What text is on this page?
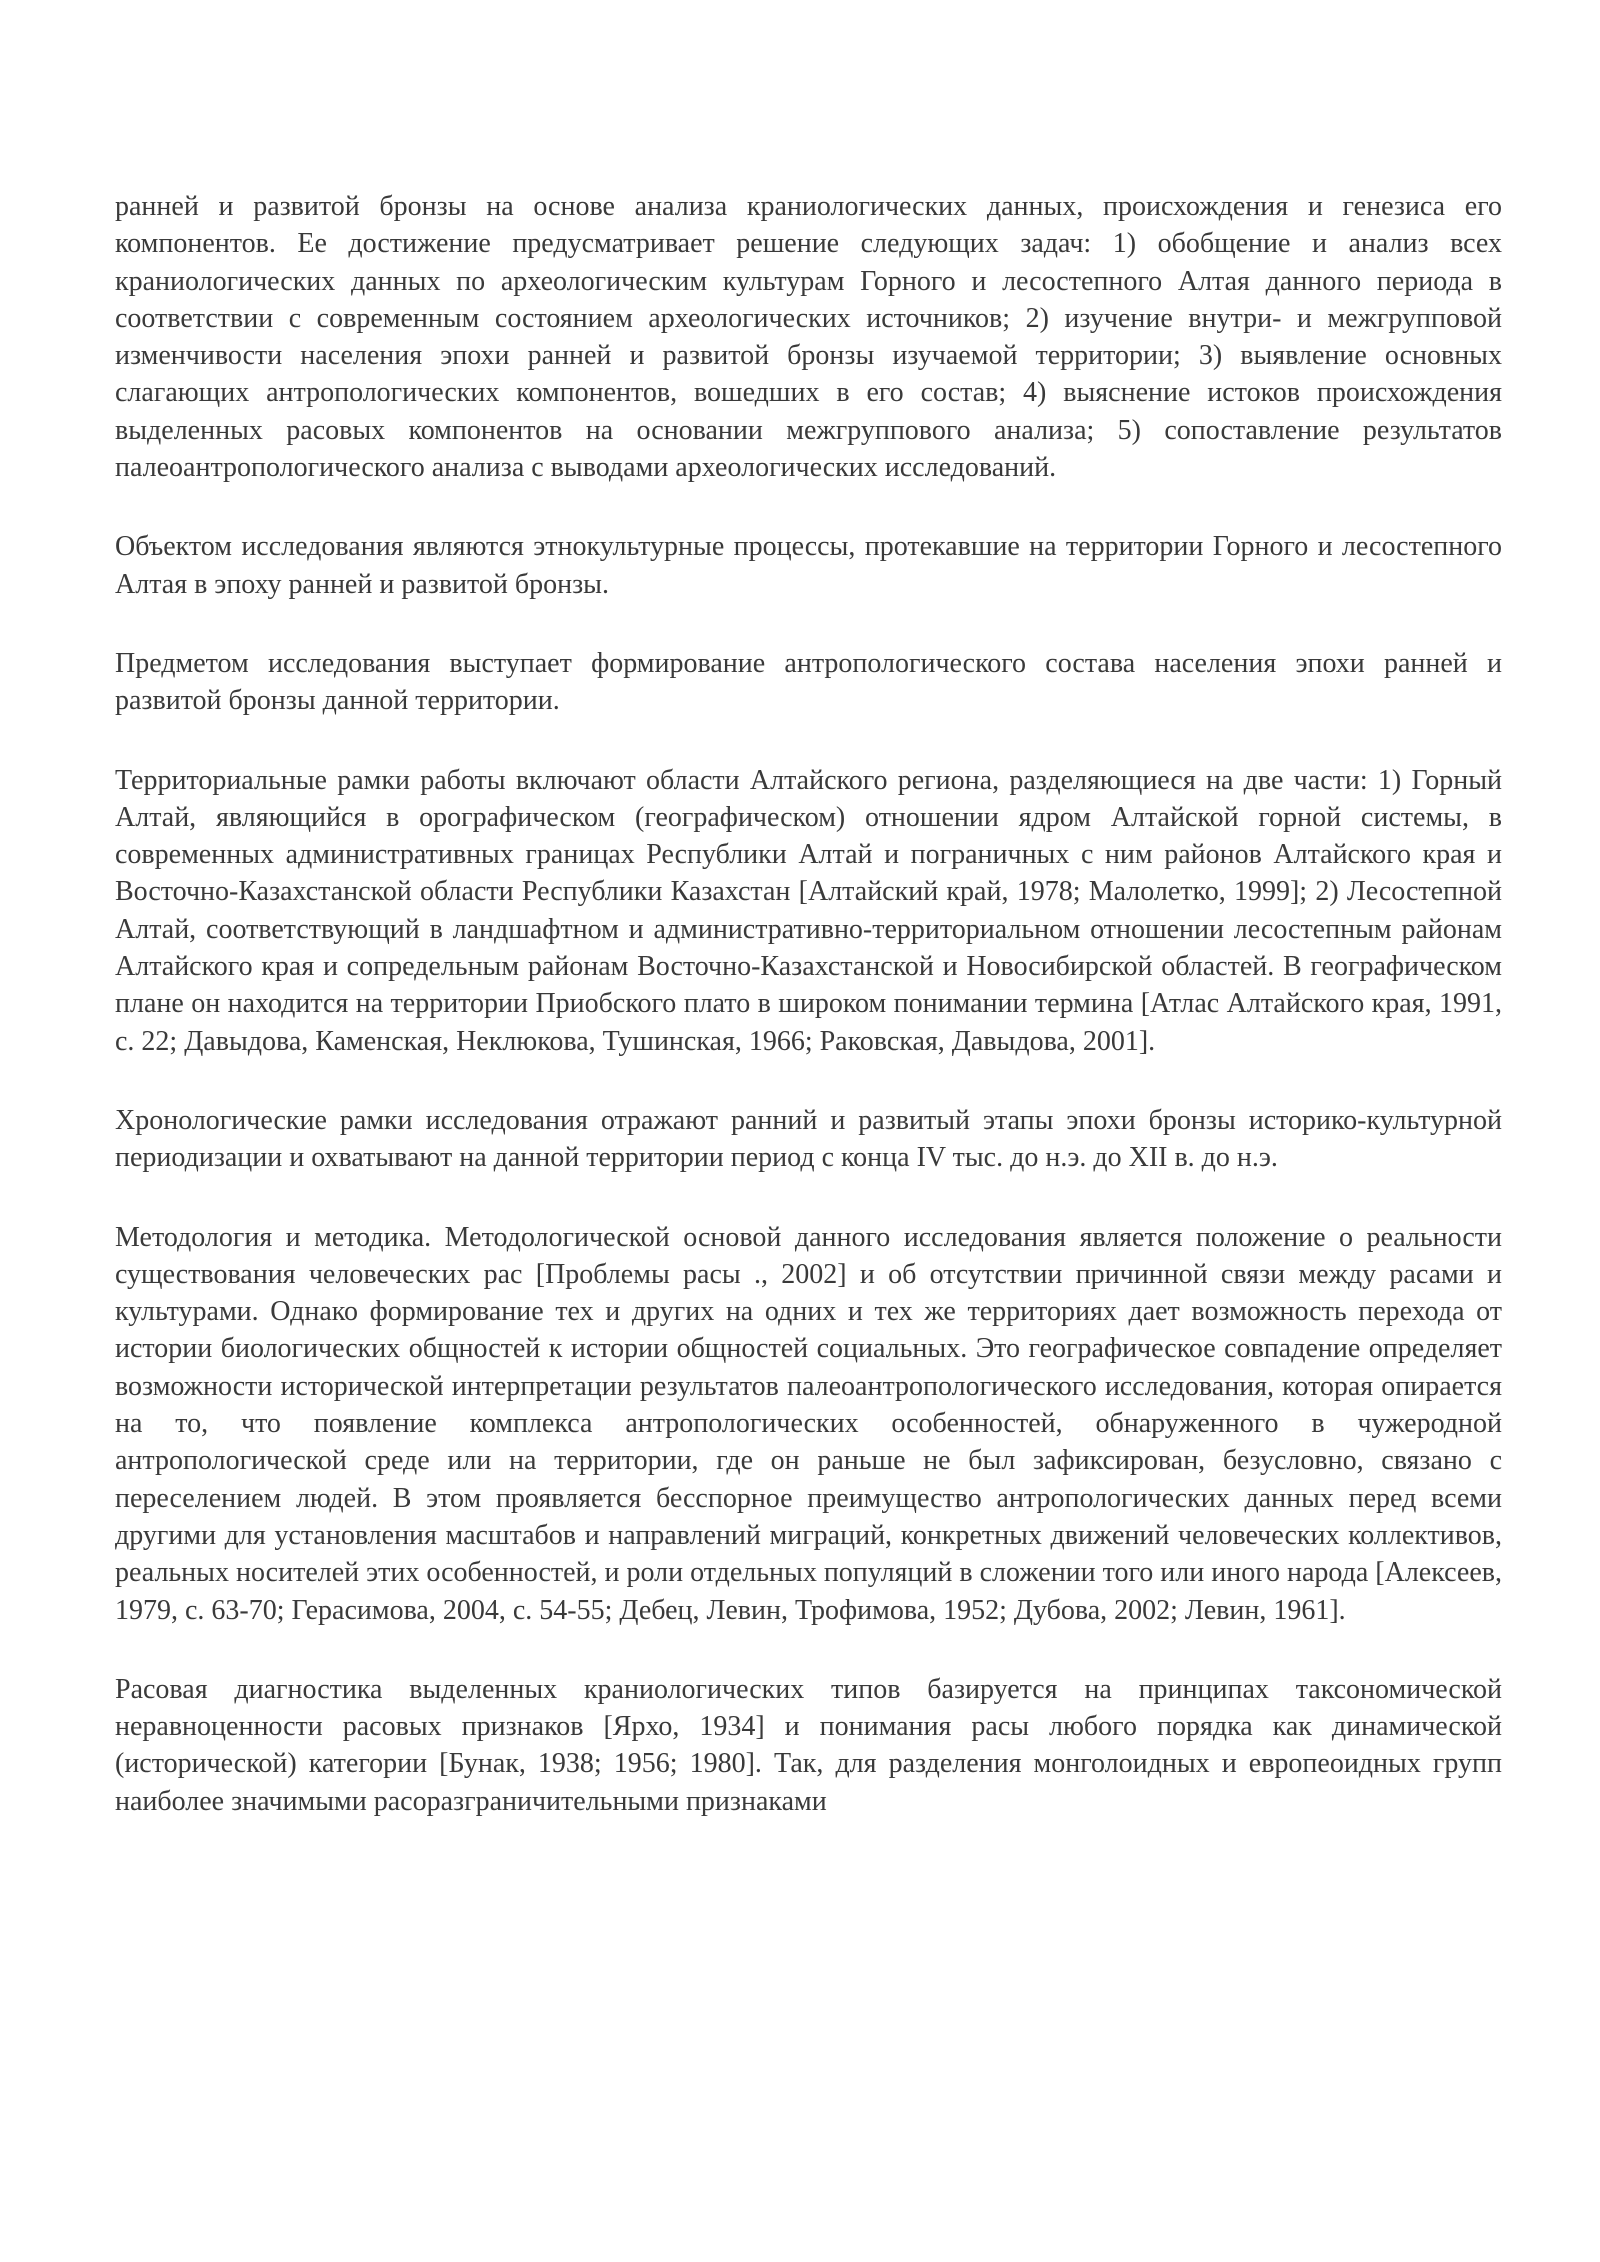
ранней и развитой бронзы на основе анализа краниологических данных, происхождения и генезиса его компонентов. Ее достижение предусматривает решение следующих задач: 1) обобщение и анализ всех краниологических данных по археологическим культурам Горного и лесостепного Алтая данного периода в соответствии с современным состоянием археологических источников; 2) изучение внутри- и межгрупповой изменчивости населения эпохи ранней и развитой бронзы изучаемой территории; 3) выявление основных слагающих антропологических компонентов, вошедших в его состав; 4) выяснение истоков происхождения выделенных расовых компонентов на основании межгруппового анализа; 5) сопоставление результатов палеоантропологического анализа с выводами археологических исследований.

Объектом исследования являются этнокультурные процессы, протекавшие на территории Горного и лесостепного Алтая в эпоху ранней и развитой бронзы.

Предметом исследования выступает формирование антропологического состава населения эпохи ранней и развитой бронзы данной территории.

Территориальные рамки работы включают области Алтайского региона, разделяющиеся на две части: 1) Горный Алтай, являющийся в орографическом (географическом) отношении ядром Алтайской горной системы, в современных административных границах Республики Алтай и пограничных с ним районов Алтайского края и Восточно-Казахстанской области Республики Казахстан [Алтайский край, 1978; Малолетко, 1999]; 2) Лесостепной Алтай, соответствующий в ландшафтном и административно-территориальном отношении лесостепным районам Алтайского края и сопредельным районам Восточно-Казахстанской и Новосибирской областей. В географическом плане он находится на территории Приобского плато в широком понимании термина [Атлас Алтайского края, 1991, с. 22; Давыдова, Каменская, Неклюкова, Тушинская, 1966; Раковская, Давыдова, 2001].

Хронологические рамки исследования отражают ранний и развитый этапы эпохи бронзы историко-культурной периодизации и охватывают на данной территории период с конца IV тыс. до н.э. до XII в. до н.э.

Методология и методика. Методологической основой данного исследования является положение о реальности существования человеческих рас [Проблемы расы ., 2002] и об отсутствии причинной связи между расами и культурами. Однако формирование тех и других на одних и тех же территориях дает возможность перехода от истории биологических общностей к истории общностей социальных. Это географическое совпадение определяет возможности исторической интерпретации результатов палеоантропологического исследования, которая опирается на то, что появление комплекса антропологических особенностей, обнаруженного в чужеродной антропологической среде или на территории, где он раньше не был зафиксирован, безусловно, связано с переселением людей. В этом проявляется бесспорное преимущество антропологических данных перед всеми другими для установления масштабов и направлений миграций, конкретных движений человеческих коллективов, реальных носителей этих особенностей, и роли отдельных популяций в сложении того или иного народа [Алексеев, 1979, с. 63-70; Герасимова, 2004, с. 54-55; Дебец, Левин, Трофимова, 1952; Дубова, 2002; Левин, 1961].

Расовая диагностика выделенных краниологических типов базируется на принципах таксономической неравноценности расовых признаков [Ярхо, 1934] и понимания расы любого порядка как динамической (исторической) категории [Бунак, 1938; 1956; 1980]. Так, для разделения монголоидных и европеоидных групп наиболее значимыми расоразграничительными признаками
